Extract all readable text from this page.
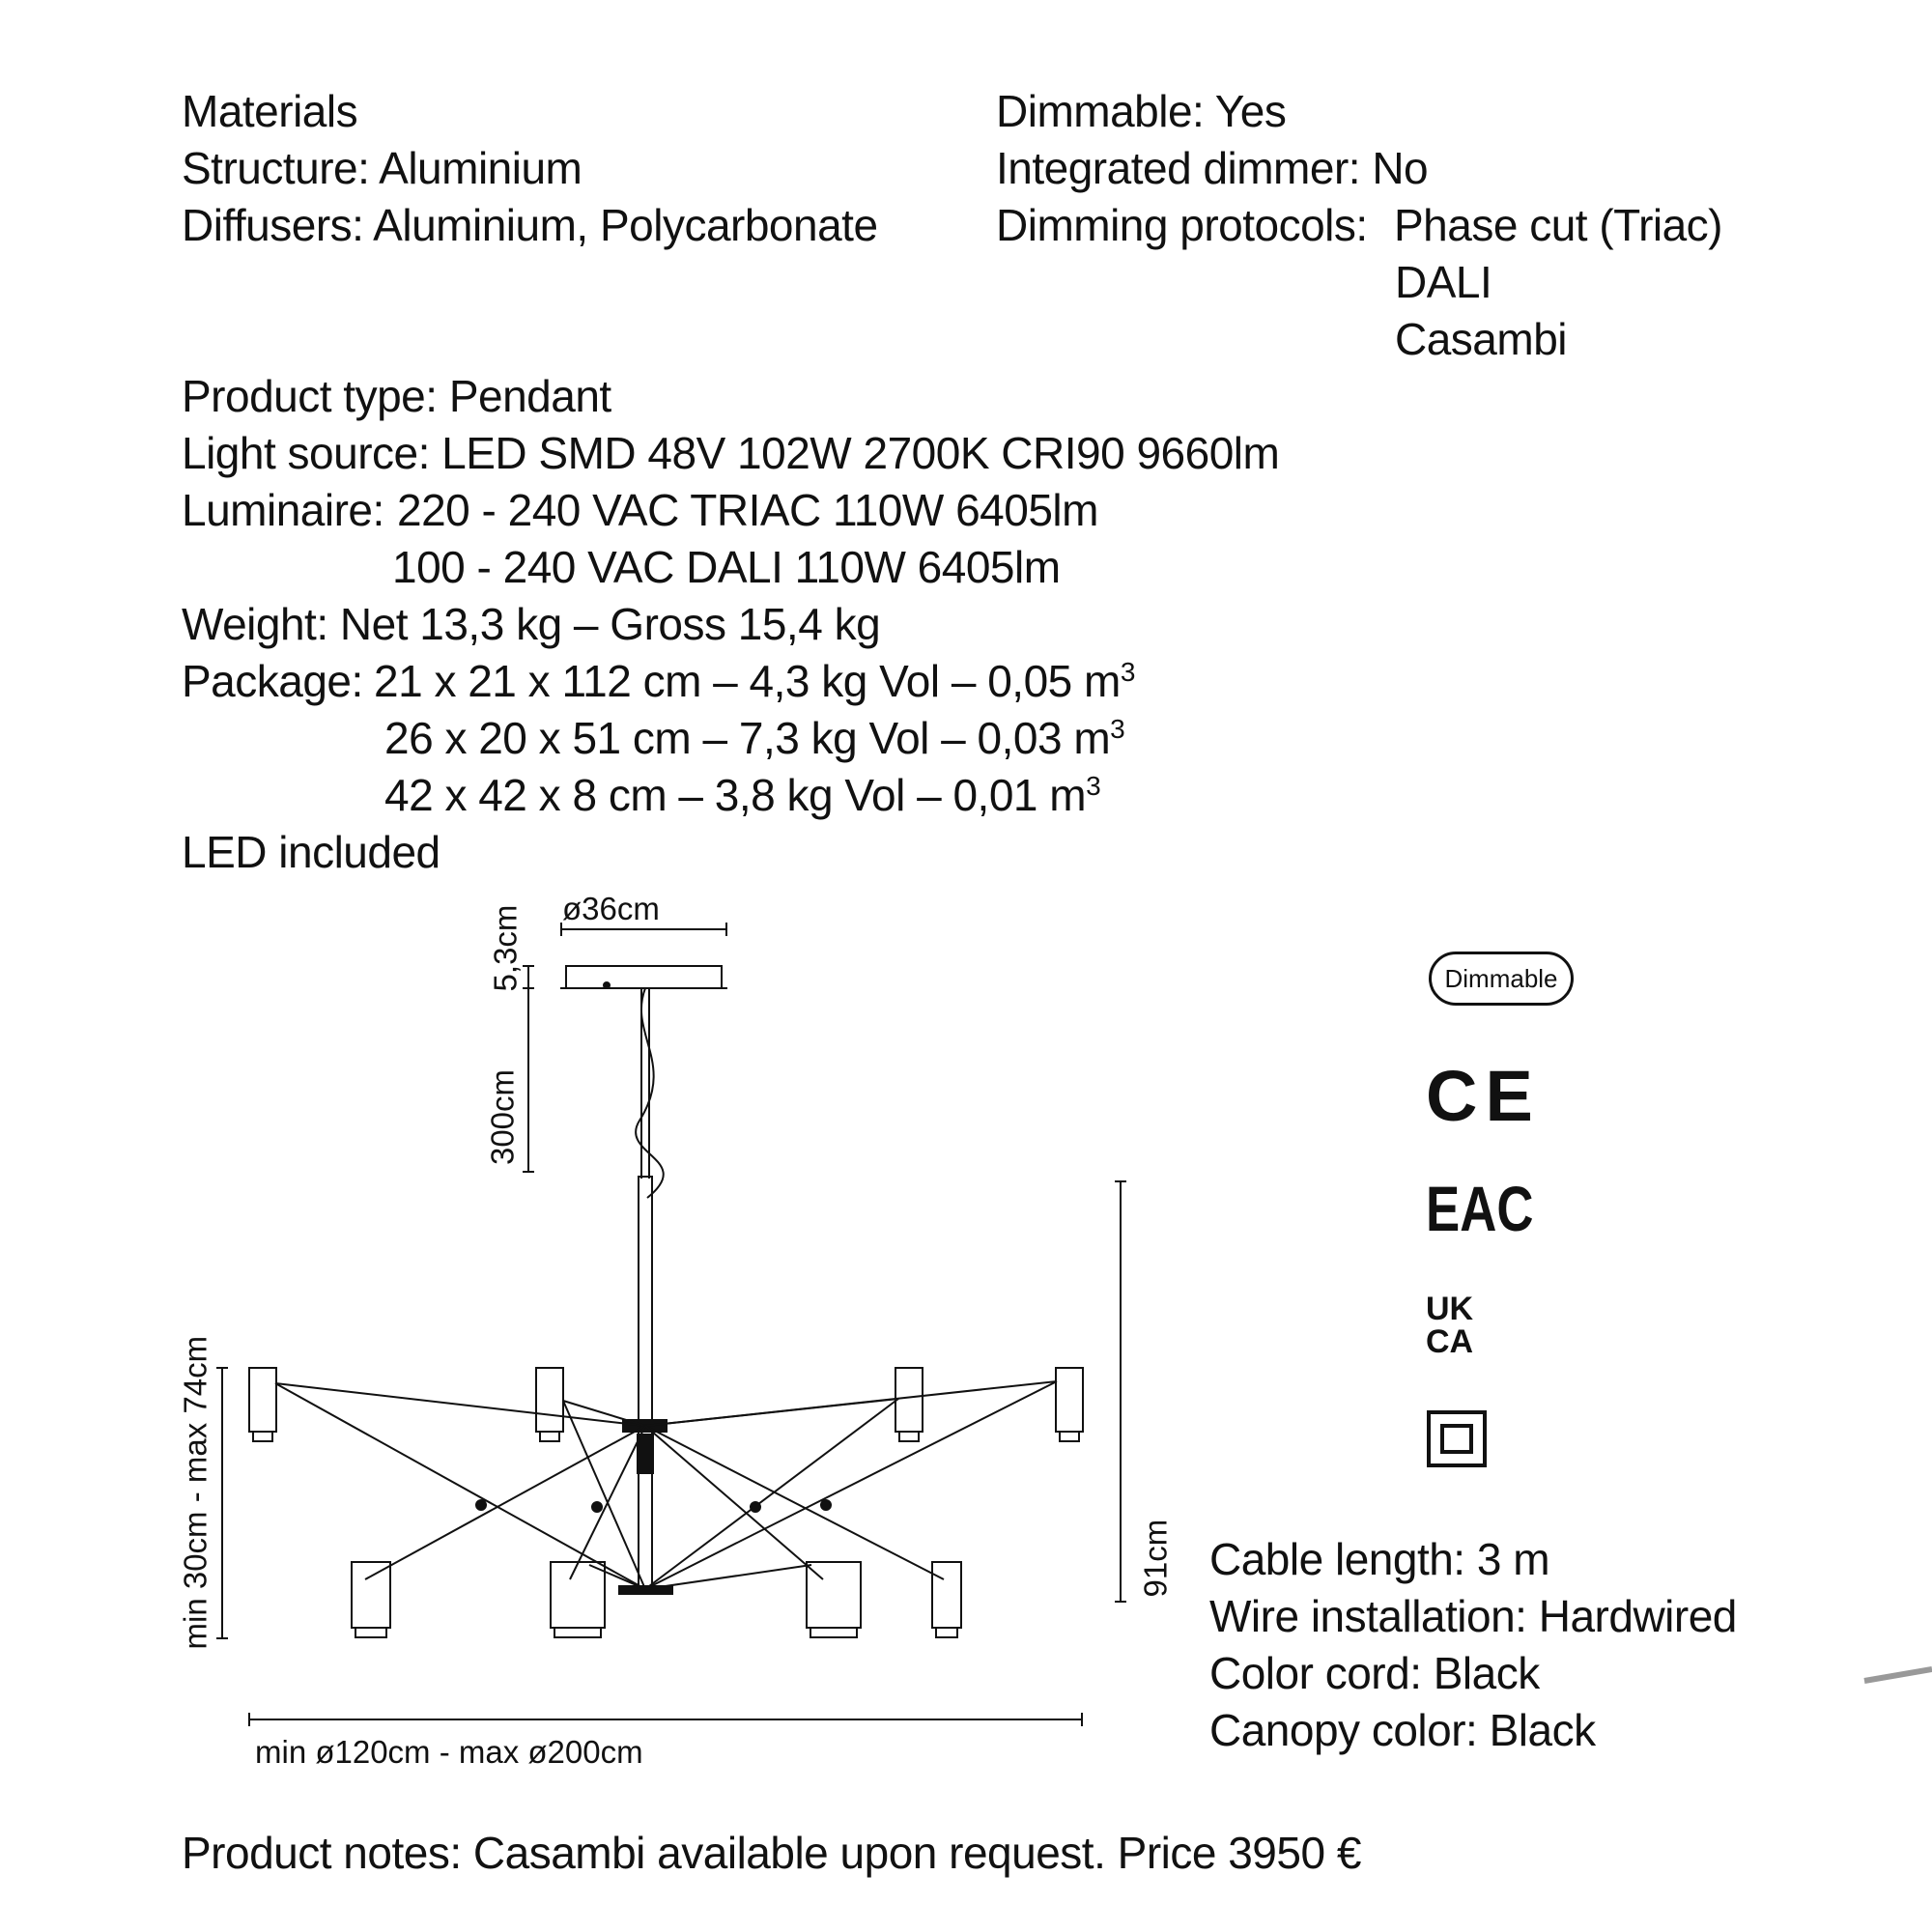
Materials
Structure: Aluminium
Diffusers: Aluminium, Polycarbonate
Dimmable: Yes
Integrated dimmer: No
Dimming protocols: Phase cut (Triac)
DALI
Casambi
Product type: Pendant
Light source: LED SMD 48V 102W 2700K CRI90 9660lm
Luminaire: 220 - 240 VAC TRIAC 110W 6405lm
100 - 240 VAC DALI 110W 6405lm
Weight: Net 13,3 kg – Gross 15,4 kg
Package: 21 x 21 x 112 cm – 4,3 kg Vol – 0,05 $m^3$
26 x 20 x 51 cm – 7,3 kg Vol – 0,03 $m^3$
42 x 42 x 8 cm – 3,8 kg Vol – 0,01 $m^3$
LED included
ø36cm
5,3cm
300cm
min 30cm - max 74cm	91cm
min ø120cm - max ø200cm
Dimmable
CE
EAC
UK
CA
Cable length: 3 m
Wire installation: Hardwired
Color cord: Black
Canopy color: Black
Product notes: Casambi available upon request. Price 3950 €
